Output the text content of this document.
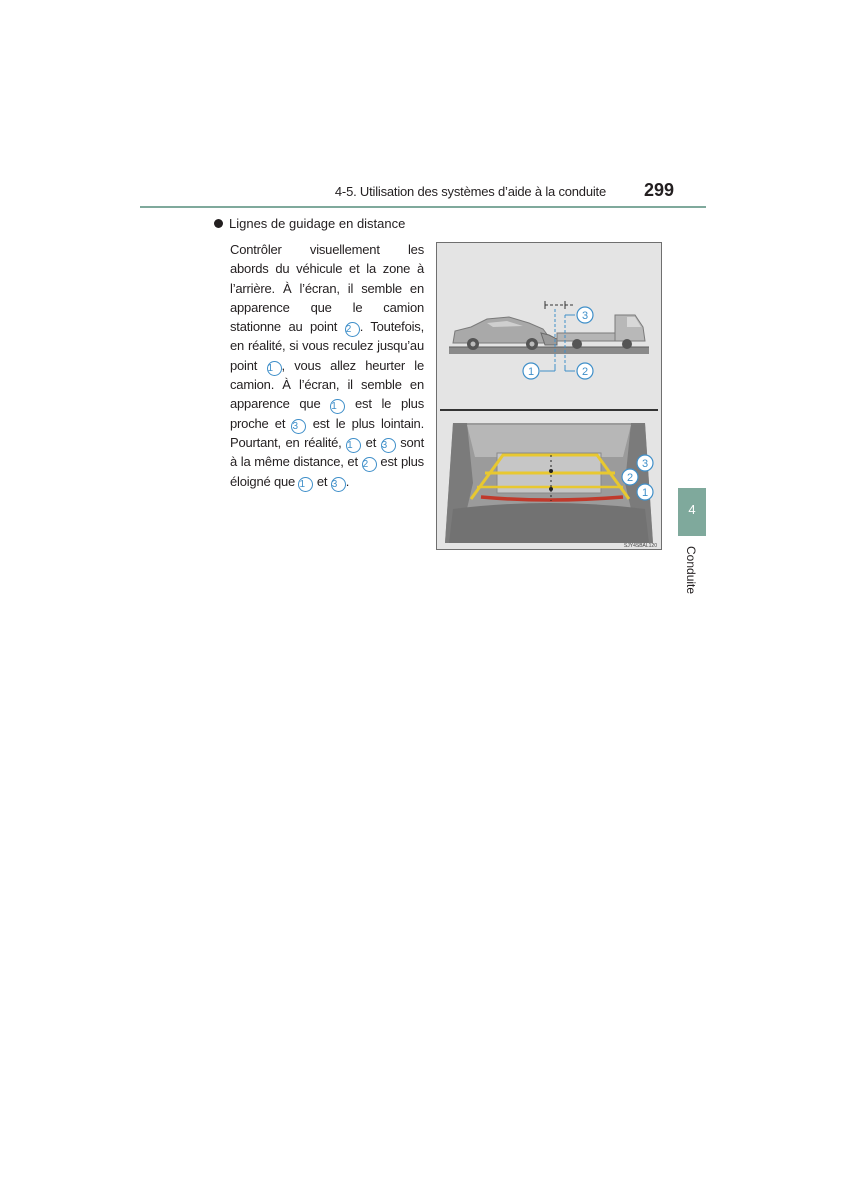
4-5. Utilisation des systèmes d’aide à la conduite	299
Lignes de guidage en distance
Contrôler visuellement les
abords du véhicule et la zone à
l’arrière. À l’écran, il semble en
apparence que le camion
stationne au point 2 . Toutefois,
en réalité, si vous reculez jusqu’au
point 1 , vous allez heurter le
camion. À l’écran, il semble en
apparence que 1 est le plus
proche et 3 est le plus lointain.
Pourtant, en réalité, 1 et 3 sont
à la même distance, et 2 est plus
éloigné que 1 et 3 .
3
1	2
3
2
1
SJY4SBAL120
4
Conduite
